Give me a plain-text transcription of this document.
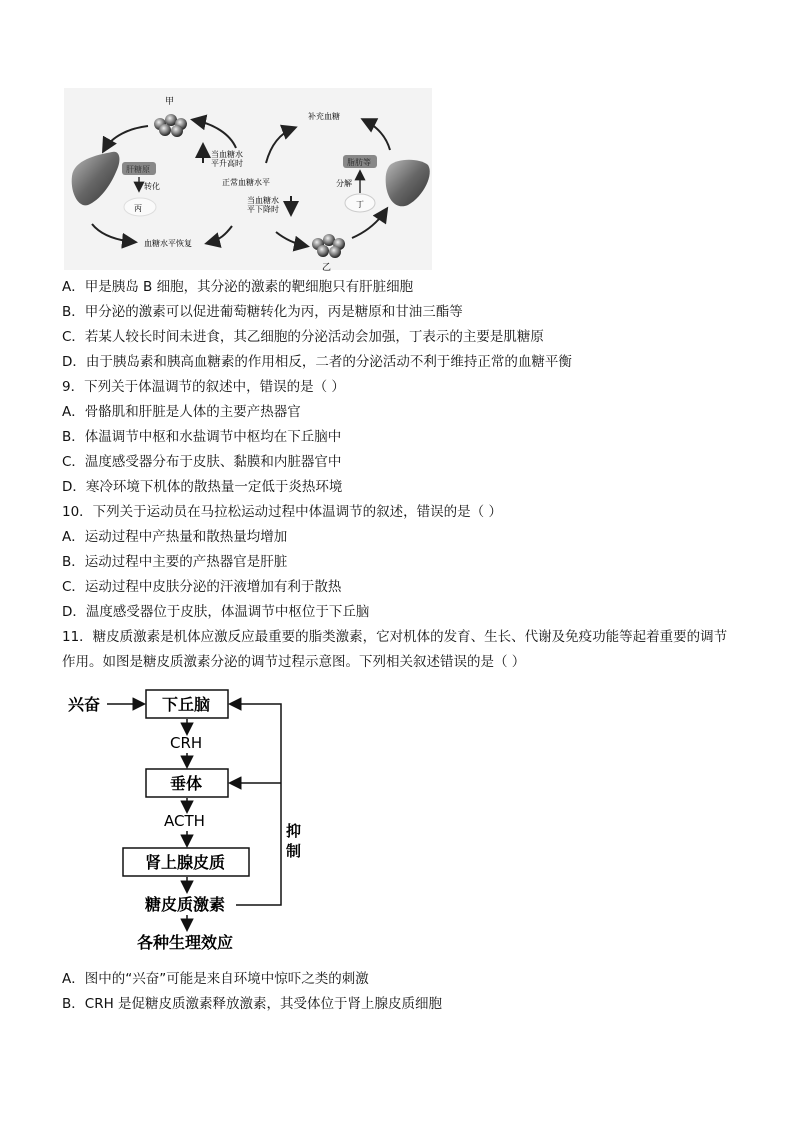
甲
乙
肝糖原
转化
丙
脂肪等
分解
丁
当血糖水
平升高时
正常血糖水平
当血糖水
平下降时
血糖水平恢复
补充血糖
A．甲是胰岛 B 细胞，其分泌的激素的靶细胞只有肝脏细胞
B．甲分泌的激素可以促进葡萄糖转化为丙，丙是糖原和甘油三酯等
C．若某人较长时间未进食，其乙细胞的分泌活动会加强，丁表示的主要是肌糖原
D．由于胰岛素和胰高血糖素的作用相反，二者的分泌活动不利于维持正常的血糖平衡
9．下列关于体温调节的叙述中，错误的是（ ）
A．骨骼肌和肝脏是人体的主要产热器官
B．体温调节中枢和水盐调节中枢均在下丘脑中
C．温度感受器分布于皮肤、黏膜和内脏器官中
D．寒冷环境下机体的散热量一定低于炎热环境
10．下列关于运动员在马拉松运动过程中体温调节的叙述，错误的是（ ）
A．运动过程中产热量和散热量均增加
B．运动过程中主要的产热器官是肝脏
C．运动过程中皮肤分泌的汗液增加有利于散热
D．温度感受器位于皮肤，体温调节中枢位于下丘脑
11．糖皮质激素是机体应激反应最重要的脂类激素，它对机体的发育、生长、代谢及免疫功能等起着重要的调节作用。如图是糖皮质激素分泌的调节过程示意图。下列相关叙述错误的是（ ）
兴奋	下丘脑
CRH
垂体
ACTH
肾上腺皮质
糖皮质激素
各种生理效应
抑
制
A．图中的“兴奋”可能是来自环境中惊吓之类的刺激
B．CRH 是促糖皮质激素释放激素，其受体位于肾上腺皮质细胞
